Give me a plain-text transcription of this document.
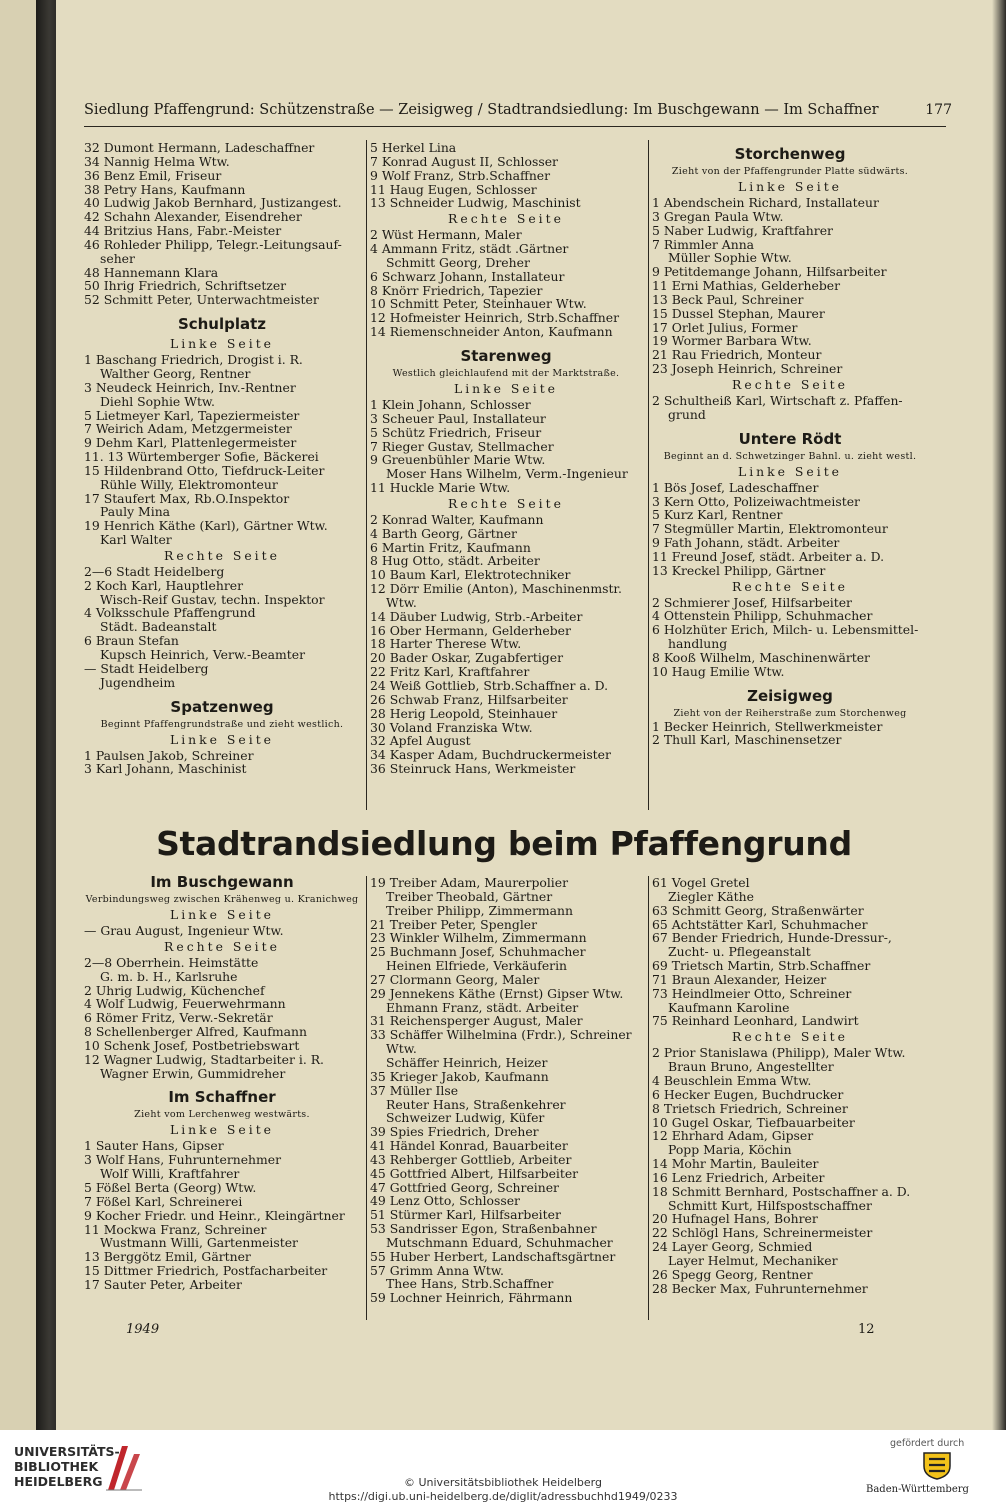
Siedlung Pfaffengrund: Schützenstraße — Zeisigweg / Stadtrandsiedlung: Im Buschgewann — Im Schaffner	177
32 Dumont Hermann, Ladeschaffner
34 Nannig Helma Wtw.
36 Benz Emil, Friseur
38 Petry Hans, Kaufmann
40 Ludwig Jakob Bernhard, Justizangest.
42 Schahn Alexander, Eisendreher
44 Britzius Hans, Fabr.-Meister
46 Rohleder Philipp, Telegr.-Leitungsauf-
seher
48 Hannemann Klara
50 Ihrig Friedrich, Schriftsetzer
52 Schmitt Peter, Unterwachtmeister
Schulplatz
Linke Seite
1 Baschang Friedrich, Drogist i. R.
Walther Georg, Rentner
3 Neudeck Heinrich, Inv.-Rentner
Diehl Sophie Wtw.
5 Lietmeyer Karl, Tapeziermeister
7 Weirich Adam, Metzgermeister
9 Dehm Karl, Plattenlegermeister
11. 13 Würtemberger Sofie, Bäckerei
15 Hildenbrand Otto, Tiefdruck-Leiter
Rühle Willy, Elektromonteur
17 Staufert Max, Rb.O.Inspektor
Pauly Mina
19 Henrich Käthe (Karl), Gärtner Wtw.
Karl Walter
Rechte Seite
2—6 Stadt Heidelberg
2 Koch Karl, Hauptlehrer
Wisch-Reif Gustav, techn. Inspektor
4 Volksschule Pfaffengrund
Städt. Badeanstalt
6 Braun Stefan
Kupsch Heinrich, Verw.-Beamter
— Stadt Heidelberg
Jugendheim
Spatzenweg
Beginnt Pfaffengrundstraße und zieht westlich.
Linke Seite
1 Paulsen Jakob, Schreiner
3 Karl Johann, Maschinist
5 Herkel Lina
7 Konrad August II, Schlosser
9 Wolf Franz, Strb.Schaffner
11 Haug Eugen, Schlosser
13 Schneider Ludwig, Maschinist
Rechte Seite
2 Wüst Hermann, Maler
4 Ammann Fritz, städt .Gärtner
Schmitt Georg, Dreher
6 Schwarz Johann, Installateur
8 Knörr Friedrich, Tapezier
10 Schmitt Peter, Steinhauer Wtw.
12 Hofmeister Heinrich, Strb.Schaffner
14 Riemenschneider Anton, Kaufmann
Starenweg
Westlich gleichlaufend mit der Marktstraße.
Linke Seite
1 Klein Johann, Schlosser
3 Scheuer Paul, Installateur
5 Schütz Friedrich, Friseur
7 Rieger Gustav, Stellmacher
9 Greuenbühler Marie Wtw.
Moser Hans Wilhelm, Verm.-Ingenieur
11 Huckle Marie Wtw.
Rechte Seite
2 Konrad Walter, Kaufmann
4 Barth Georg, Gärtner
6 Martin Fritz, Kaufmann
8 Hug Otto, städt. Arbeiter
10 Baum Karl, Elektrotechniker
12 Dörr Emilie (Anton), Maschinenmstr.
Wtw.
14 Däuber Ludwig, Strb.-Arbeiter
16 Ober Hermann, Gelderheber
18 Harter Therese Wtw.
20 Bader Oskar, Zugabfertiger
22 Fritz Karl, Kraftfahrer
24 Weiß Gottlieb, Strb.Schaffner a. D.
26 Schwab Franz, Hilfsarbeiter
28 Herig Leopold, Steinhauer
30 Voland Franziska Wtw.
32 Apfel August
34 Kasper Adam, Buchdruckermeister
36 Steinruck Hans, Werkmeister
Storchenweg
Zieht von der Pfaffengrunder Platte südwärts.
Linke Seite
1 Abendschein Richard, Installateur
3 Gregan Paula Wtw.
5 Naber Ludwig, Kraftfahrer
7 Rimmler Anna
Müller Sophie Wtw.
9 Petitdemange Johann, Hilfsarbeiter
11 Erni Mathias, Gelderheber
13 Beck Paul, Schreiner
15 Dussel Stephan, Maurer
17 Orlet Julius, Former
19 Wormer Barbara Wtw.
21 Rau Friedrich, Monteur
23 Joseph Heinrich, Schreiner
Rechte Seite
2 Schultheiß Karl, Wirtschaft z. Pfaffen-
grund
Untere Rödt
Beginnt an d. Schwetzinger Bahnl. u. zieht westl.
Linke Seite
1 Bös Josef, Ladeschaffner
3 Kern Otto, Polizeiwachtmeister
5 Kurz Karl, Rentner
7 Stegmüller Martin, Elektromonteur
9 Fath Johann, städt. Arbeiter
11 Freund Josef, städt. Arbeiter a. D.
13 Kreckel Philipp, Gärtner
Rechte Seite
2 Schmierer Josef, Hilfsarbeiter
4 Ottenstein Philipp, Schuhmacher
6 Holzhüter Erich, Milch- u. Lebensmittel-
handlung
8 Kooß Wilhelm, Maschinenwärter
10 Haug Emilie Wtw.
Zeisigweg
Zieht von der Reiherstraße zum Storchenweg
1 Becker Heinrich, Stellwerkmeister
2 Thull Karl, Maschinensetzer
Stadtrandsiedlung beim Pfaffengrund
Im Buschgewann
Verbindungsweg zwischen Krähenweg u. Kranichweg
Linke Seite
— Grau August, Ingenieur Wtw.
Rechte Seite
2—8 Oberrhein. Heimstätte
G. m. b. H., Karlsruhe
2 Uhrig Ludwig, Küchenchef
4 Wolf Ludwig, Feuerwehrmann
6 Römer Fritz, Verw.-Sekretär
8 Schellenberger Alfred, Kaufmann
10 Schenk Josef, Postbetriebswart
12 Wagner Ludwig, Stadtarbeiter i. R.
Wagner Erwin, Gummidreher
Im Schaffner
Zieht vom Lerchenweg westwärts.
Linke Seite
1 Sauter Hans, Gipser
3 Wolf Hans, Fuhrunternehmer
Wolf Willi, Kraftfahrer
5 Fößel Berta (Georg) Wtw.
7 Fößel Karl, Schreinerei
9 Kocher Friedr. und Heinr., Kleingärtner
11 Mockwa Franz, Schreiner
Wustmann Willi, Gartenmeister
13 Berggötz Emil, Gärtner
15 Dittmer Friedrich, Postfacharbeiter
17 Sauter Peter, Arbeiter
19 Treiber Adam, Maurerpolier
Treiber Theobald, Gärtner
Treiber Philipp, Zimmermann
21 Treiber Peter, Spengler
23 Winkler Wilhelm, Zimmermann
25 Buchmann Josef, Schuhmacher
Heinen Elfriede, Verkäuferin
27 Clormann Georg, Maler
29 Jennekens Käthe (Ernst) Gipser Wtw.
Ehmann Franz, städt. Arbeiter
31 Reichensperger August, Maler
33 Schäffer Wilhelmina (Frdr.), Schreiner
Wtw.
Schäffer Heinrich, Heizer
35 Krieger Jakob, Kaufmann
37 Müller Ilse
Reuter Hans, Straßenkehrer
Schweizer Ludwig, Küfer
39 Spies Friedrich, Dreher
41 Händel Konrad, Bauarbeiter
43 Rehberger Gottlieb, Arbeiter
45 Gottfried Albert, Hilfsarbeiter
47 Gottfried Georg, Schreiner
49 Lenz Otto, Schlosser
51 Stürmer Karl, Hilfsarbeiter
53 Sandrisser Egon, Straßenbahner
Mutschmann Eduard, Schuhmacher
55 Huber Herbert, Landschaftsgärtner
57 Grimm Anna Wtw.
Thee Hans, Strb.Schaffner
59 Lochner Heinrich, Fährmann
61 Vogel Gretel
Ziegler Käthe
63 Schmitt Georg, Straßenwärter
65 Achtstätter Karl, Schuhmacher
67 Bender Friedrich, Hunde-Dressur-,
Zucht- u. Pflegeanstalt
69 Trietsch Martin, Strb.Schaffner
71 Braun Alexander, Heizer
73 Heindlmeier Otto, Schreiner
Kaufmann Karoline
75 Reinhard Leonhard, Landwirt
Rechte Seite
2 Prior Stanislawa (Philipp), Maler Wtw.
Braun Bruno, Angestellter
4 Beuschlein Emma Wtw.
6 Hecker Eugen, Buchdrucker
8 Trietsch Friedrich, Schreiner
10 Gugel Oskar, Tiefbauarbeiter
12 Ehrhard Adam, Gipser
Popp Maria, Köchin
14 Mohr Martin, Bauleiter
16 Lenz Friedrich, Arbeiter
18 Schmitt Bernhard, Postschaffner a. D.
Schmitt Kurt, Hilfspostschaffner
20 Hufnagel Hans, Bohrer
22 Schlögl Hans, Schreinermeister
24 Layer Georg, Schmied
Layer Helmut, Mechaniker
26 Spegg Georg, Rentner
28 Becker Max, Fuhrunternehmer
1949	12
UNIVERSITÄTS-
BIBLIOTHEK
HEIDELBERG	© Universitätsbibliothek Heidelberg
https://digi.ub.uni-heidelberg.de/diglit/adressbuchhd1949/0233
gefördert durch
Baden-Württemberg
